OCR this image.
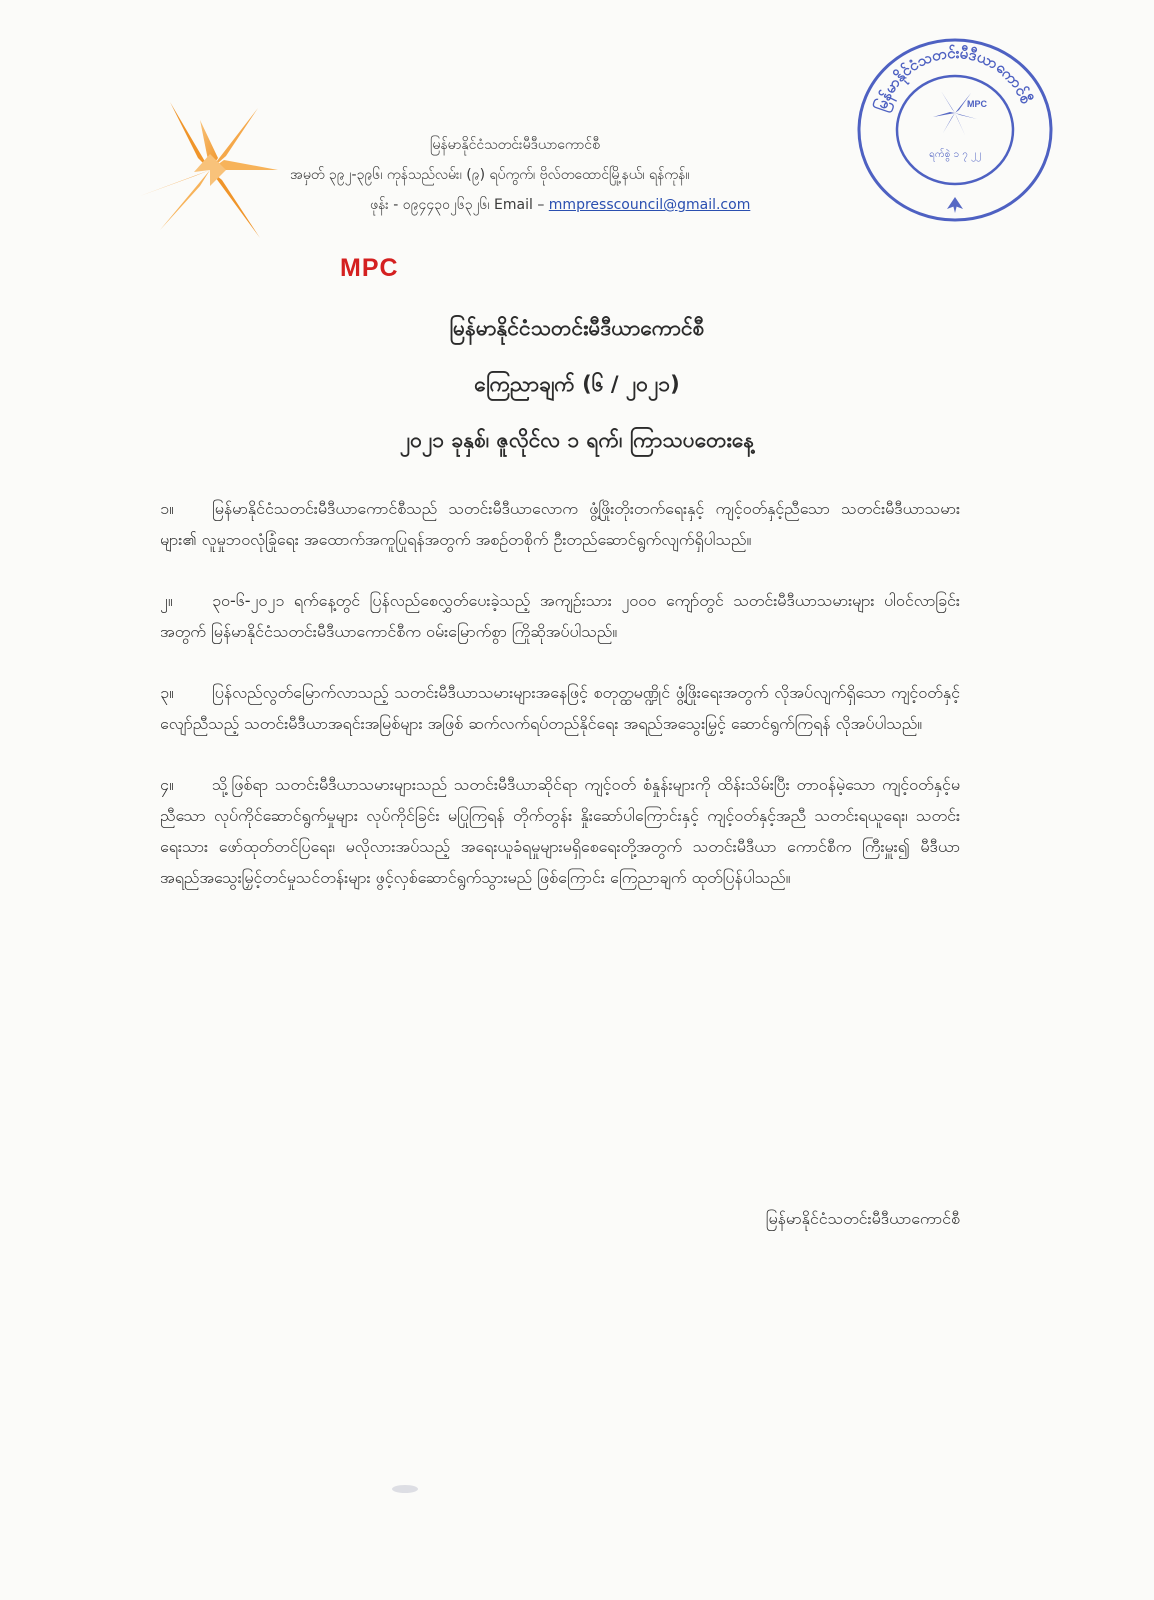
MPC
မြန်မာနိုင်ငံသတင်းမီဒီယာကောင်စီ
အမှတ် ၃၉၂-၃၉၆၊ ကုန်သည်လမ်း၊ (၉) ရပ်ကွက်၊ ဗိုလ်တထောင်မြို့နယ်၊ ရန်ကုန်။
ဖုန်း - ၀၉၄၄၃၀၂၆၃၂၆၊ Email – mmpresscouncil@gmail.com
မြန်မာနိုင်ငံသတင်းမီဒီယာကောင်စီ
MPC
ရက်စွဲ ၁ ၇ ၂၂
မြန်မာနိုင်ငံသတင်းမီဒီယာကောင်စီ
ကြေညာချက် (၆ / ၂၀၂၁)
၂၀၂၁ ခုနှစ်၊ ဇူလိုင်လ ၁ ရက်၊ ကြာသပတေးနေ့

၁။ မြန်မာနိုင်ငံသတင်းမီဒီယာကောင်စီသည် သတင်းမီဒီယာလောက ဖွံ့ဖြိုးတိုးတက်ရေးနှင့် ကျင့်ဝတ်နှင့်ညီသော သတင်းမီဒီယာသမားများ၏ လူမှုဘဝလုံခြုံရေး အထောက်အကူပြုရန်အတွက် အစဉ်တစိုက် ဦးတည်ဆောင်ရွက်လျက်ရှိပါသည်။

၂။ ၃၀-၆-၂၀၂၁ ရက်နေ့တွင် ပြန်လည်စေလွှတ်ပေးခဲ့သည့် အကျဉ်းသား ၂၀၀၀ ကျော်တွင် သတင်းမီဒီယာသမားများ ပါဝင်လာခြင်းအတွက် မြန်မာနိုင်ငံသတင်းမီဒီယာကောင်စီက ဝမ်းမြောက်စွာ ကြိုဆိုအပ်ပါသည်။

၃။ ပြန်လည်လွတ်မြောက်လာသည့် သတင်းမီဒီယာသမားများအနေဖြင့် စတုတ္ထမဏ္ဍိုင် ဖွံ့ဖြိုးရေးအတွက် လိုအပ်လျက်ရှိသော ကျင့်ဝတ်နှင့်လျော်ညီသည့် သတင်းမီဒီယာအရင်းအမြစ်များ အဖြစ် ဆက်လက်ရပ်တည်နိုင်ရေး အရည်အသွေးမြှင့် ဆောင်ရွက်ကြရန် လိုအပ်ပါသည်။

၄။ သို့ဖြစ်ရာ သတင်းမီဒီယာသမားများသည် သတင်းမီဒီယာဆိုင်ရာ ကျင့်ဝတ် စံနှုန်းများကို ထိန်းသိမ်းပြီး တာဝန်မဲ့သော ကျင့်ဝတ်နှင့်မညီသော လုပ်ကိုင်ဆောင်ရွက်မှုများ လုပ်ကိုင်ခြင်း မပြုကြရန် တိုက်တွန်း နှိုးဆော်ပါကြောင်းနှင့် ကျင့်ဝတ်နှင့်အညီ သတင်းရယူရေး၊ သတင်းရေးသား ဖော်ထုတ်တင်ပြရေး၊ မလိုလားအပ်သည့် အရေးယူခံရမှုများမရှိစေရေးတို့အတွက် သတင်းမီဒီယာ ကောင်စီက ကြီးမှူး၍ မီဒီယာအရည်အသွေးမြှင့်တင်မှုသင်တန်းများ ဖွင့်လှစ်ဆောင်ရွက်သွားမည် ဖြစ်ကြောင်း ကြေညာချက် ထုတ်ပြန်ပါသည်။

မြန်မာနိုင်ငံသတင်းမီဒီယာကောင်စီ
